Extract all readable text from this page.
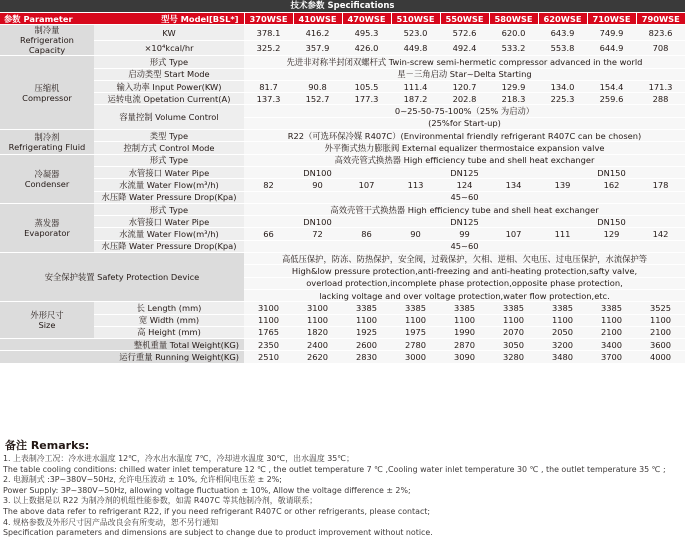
技术参数 Specifications
参数 Parameter 型号 Model[BSL*]		370WSE	410WSE	470WSE	510WSE	550WSE	580WSE	620WSE	710WSE	790WSE
制冷量
Refrigeration Capacity	KW	378.1	416.2	495.3	523.0	572.6	620.0	643.9	749.9	823.6
	×10⁴kcal/hr	325.2	357.9	426.0	449.8	492.4	533.2	553.8	644.9	708
压缩机
Compressor	形式 Type	先进非对称半封闭双螺杆式 Twin-screw semi-hermetic compressor advanced in the world								
	启动类型 Start Mode	星－三角启动 Star~Delta Starting								
	输入功率 Input Power(KW)	81.7	90.8	105.5	111.4	120.7	129.9	134.0	154.4	171.3
	运转电流 Opetation Current(A)	137.3	152.7	177.3	187.2	202.8	218.3	225.3	259.6	288
	容量控制 Volume Control	0~25-50-75-100%（25% 为启动）								
		(25%for Start-up)								
制冷剂
Refrigerating Fluid	类型 Type	R22（可选环保冷媒 R407C）(Environmental friendly refrigerant R407C can be chosen)								
	控制方式 Control Mode	外平衡式热力膨胀阀 External equalizer thermostaice expansion valve								
冷凝器
Condenser	形式 Type	高效壳管式换热器 High efficiency tube and shell heat exchanger								
	水管接口 Water Pipe	DN100			DN125			DN150		
	水流量 Water Flow(m³/h)	82	90	107	113	124	134	139	162	178
	水压降 Water Pressure Drop(Kpa)	45~60								
蒸发器
Evaporator	形式 Type	高效壳管干式换热器 High efficiency tube and shell heat exchanger								
	水管接口 Water Pipe	DN100			DN125			DN150		
	水流量 Water Flow(m³/h)	66	72	86	90	99	107	111	129	142
	水压降 Water Pressure Drop(Kpa)	45~60								
安全保护装置 Safety Protection Device		高低压保护，防冻、防热保护，安全阀，过载保护，欠相、逆相、欠电压、过电压保护，水流保护等								
		High&low pressure protection,anti-freezing and anti-heating protection,safty valve,								
		overload protection,incomplete phase protection,opposite phase protection,								
		lacking voltage and over voltage protection,water flow protection,etc.								
外形尺寸
Size	长 Length (mm)	3100	3100	3385	3385	3385	3385	3385	3385	3525
	宽 Width (mm)	1100	1100	1100	1100	1100	1100	1100	1100	1100
	高 Height (mm)	1765	1820	1925	1975	1990	2070	2050	2100	2100
整机重量 Total Weight(KG)		2350	2400	2600	2780	2870	3050	3200	3400	3600
运行重量 Running Weight(KG)		2510	2620	2830	3000	3090	3280	3480	3700	4000
备注 Remarks:

1. 上表制冷工况：冷水进水温度 12℃，冷水出水温度 7℃，冷却进水温度 30℃，出水温度 35℃；

The table cooling conditions: chilled water inlet temperature 12 ℃ , the outlet temperature 7 ℃ ,Cooling water inlet temperature 30 ℃ , the outlet temperature 35 ℃ ;

2. 电源制式 :3P~380V~50Hz, 允许电压波动 ± 10%, 允许相间电压差 ± 2%;

Power Supply: 3P~380V~50Hz, allowing voltage fluctuation ± 10%, Allow the voltage difference ± 2%;

3. 以上数据是以 R22 为制冷剂的机组性能参数，如需 R407C 等其他制冷剂，敬请联系；

The above data refer to refrigerant R22, if you need refrigerant R407C or other refrigerants, please contact;

4. 规格参数及外形尺寸因产品改良会有所变动，恕不另行通知

Specification parameters and dimensions are subject to change due to product improvement without notice.
